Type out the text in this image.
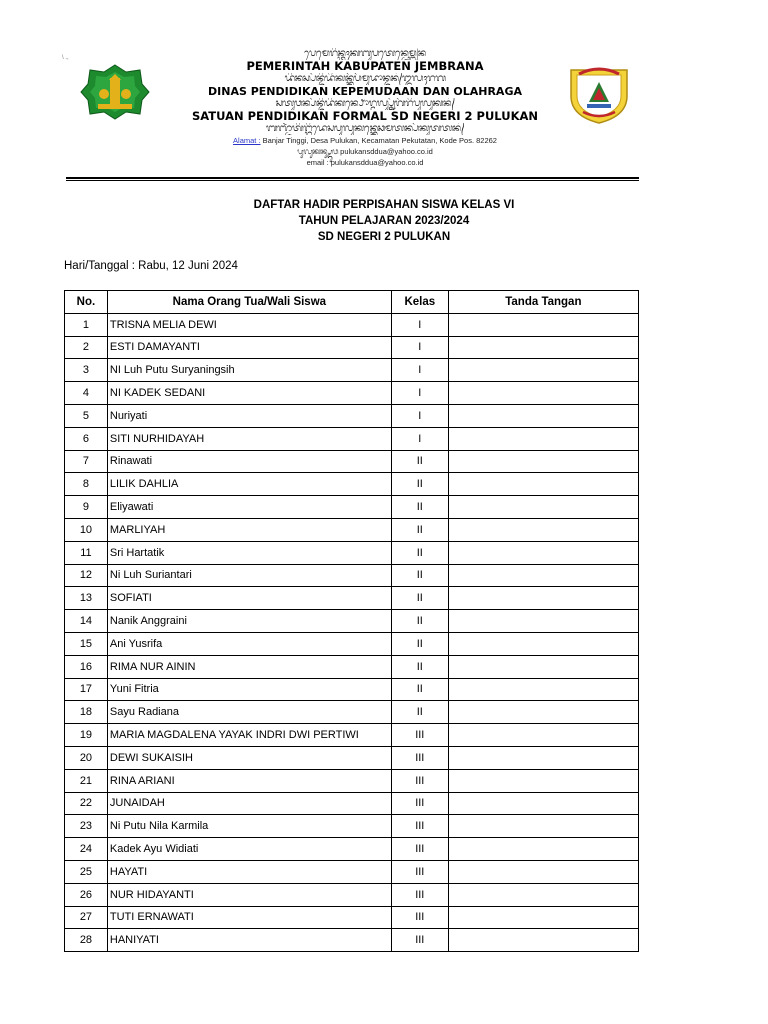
\ .,	ᬧᬾᬫᬾᬭᬶᬦ᭄ᬢᬄᬓᬩᬸᬧᬢᬾᬦ᭄ᬚᬾᬫ᭄ᬩ᭄ᬭᬦ
PEMERINTAH KABUPATEN JEMBRANA
ᬤᬶᬦᬲ᭄ᬧᭂᬦ᭄ᬤᬶᬤᬶᬓᬦ᭄ᬓᭂᬧᭂᬫᬸᬤᬵᬦ᭄ᬤᬦ᭄ᬑᬮᬄᬭᬕ
DINAS PENDIDIKAN KEPEMUDAAN DAN OLAHRAGA
ᬲᬢᬸᬯᬦ᭄ᬧᭂᬦ᭄ᬤᬶᬤᬶᬓᬦ᭄ᬨᭀᬭ᭄ᬫᬮ᭄ᬲ᭄ᬤ᭄ᬦᭂᬕᭂᬭᬶᬧᬸᬮᬸᬓᬦ᭄
SATUAN PENDIDIKAN FORMAL SD NEGERI 2 PULUKAN
ᬩᬜ᭄ᬚᬃᬢᬶᬗ᭄ᬕᬶᬤᬾᬲᬧᬸᬮᬸᬓᬦ᭄ᬓᬾᬘᬫᬢᬦ᭄ᬧᭂᬓᬸᬢᬢᬦ᭄
Alamat : Banjar Tinggi, Desa Pulukan, Kecamatan Pekutatan, Kode Pos. 82262
ᬧᬸᬮᬸᬓᬦ᭄ᬲ᭄ᬤ᭄ᬤᬸᬯ pulukansddua@yahoo.co.id
email : pulukansddua@yahoo.co.id
DAFTAR HADIR PERPISAHAN SISWA KELAS VI
TAHUN PELAJARAN 2023/2024
SD NEGERI 2 PULUKAN
Hari/Tanggal : Rabu, 12 Juni 2024
No.	Nama Orang Tua/Wali Siswa	Kelas	Tanda Tangan
1	TRISNA MELIA DEWI	I	
2	ESTI DAMAYANTI	I	
3	NI Luh Putu Suryaningsih	I	
4	NI KADEK SEDANI	I	
5	Nuriyati	I	
6	SITI NURHIDAYAH	I	
7	Rinawati	II	
8	LILIK DAHLIA	II	
9	Eliyawati	II	
10	MARLIYAH	II	
11	Sri Hartatik	II	
12	Ni Luh Suriantari	II	
13	SOFIATI	II	
14	Nanik Anggraini	II	
15	Ani Yusrifa	II	
16	RIMA NUR AININ	II	
17	Yuni Fitria	II	
18	Sayu Radiana	II	
19	MARIA MAGDALENA YAYAK INDRI DWI PERTIWI	III	
20	DEWI SUKAISIH	III	
21	RINA ARIANI	III	
22	JUNAIDAH	III	
23	Ni Putu Nila Karmila	III	
24	Kadek Ayu Widiati	III	
25	HAYATI	III	
26	NUR HIDAYANTI	III	
27	TUTI ERNAWATI	III	
28	HANIYATI	III	
